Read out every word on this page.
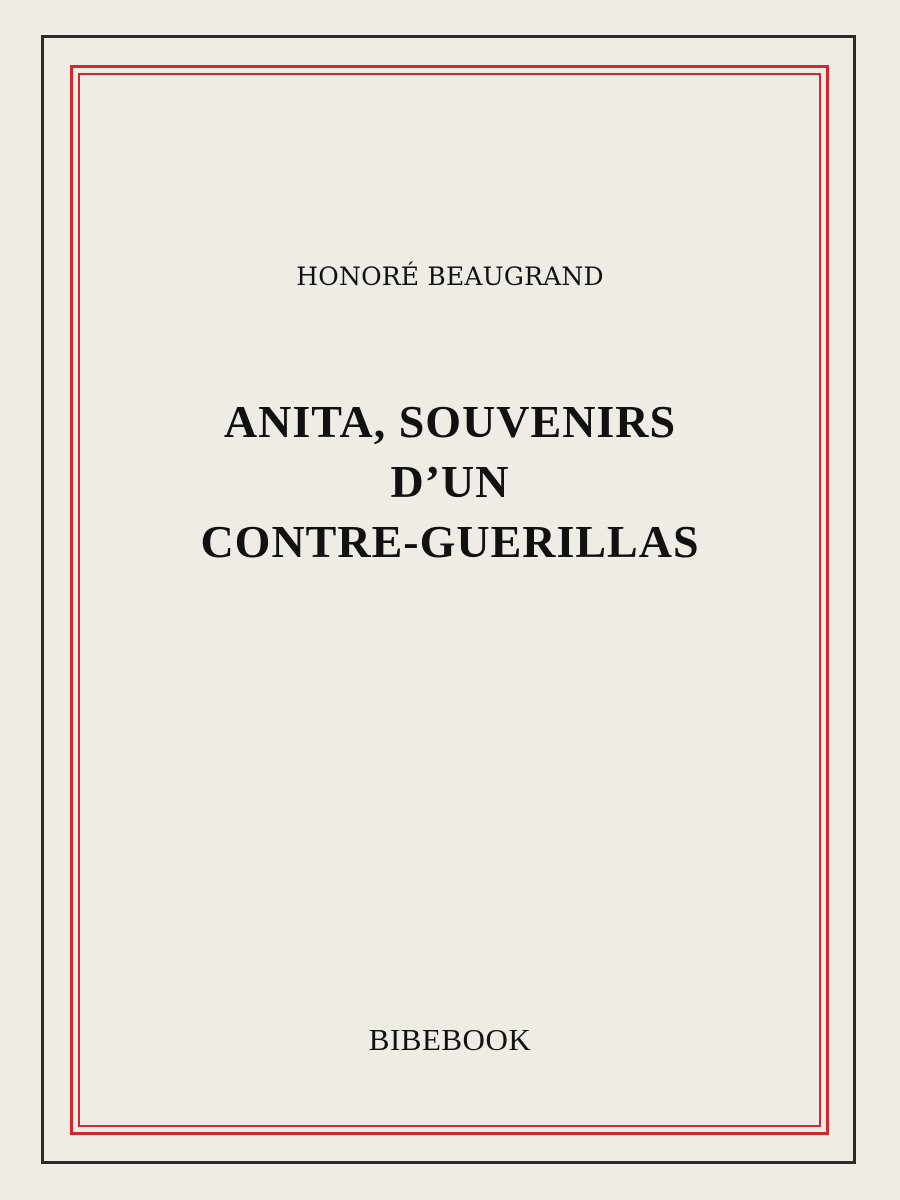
HONORÉ BEAUGRAND
ANITA, SOUVENIRS
D’UN
CONTRE-GUERILLAS
BIBEBOOK
